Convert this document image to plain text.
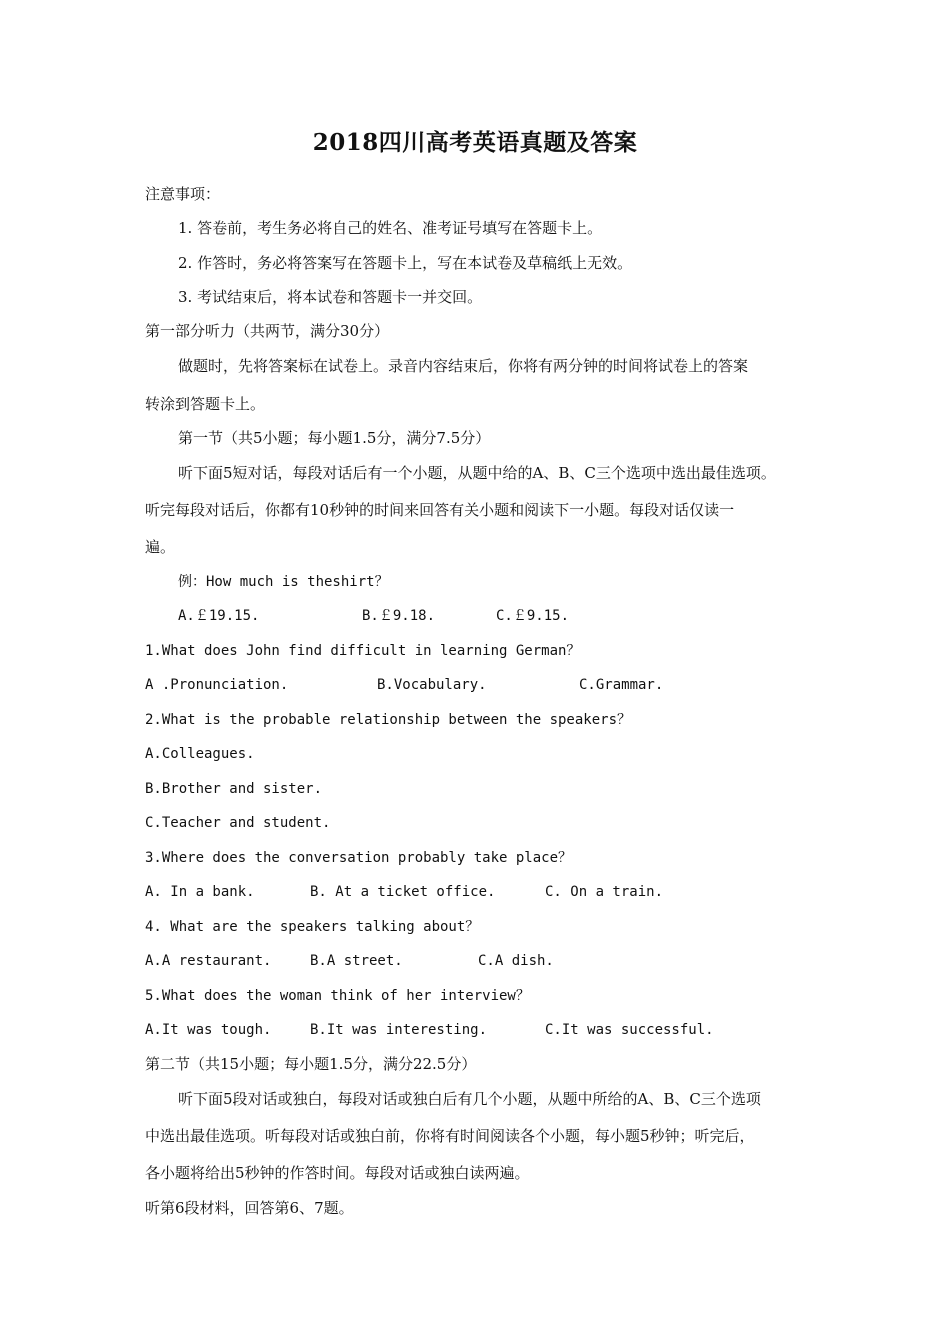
2018四川高考英语真题及答案
注意事项：
1. 答卷前，考生务必将自己的姓名、准考证号填写在答题卡上。
2. 作答时，务必将答案写在答题卡上，写在本试卷及草稿纸上无效。
3. 考试结束后，将本试卷和答题卡一并交回。
第一部分听力（共两节，满分30分）
做题时，先将答案标在试卷上。录音内容结束后，你将有两分钟的时间将试卷上的答案
转涂到答题卡上。
第一节（共5小题；每小题1.5分，满分7.5分）
听下面5短对话，每段对话后有一个小题，从题中给的A、B、C三个选项中选出最佳选项。
听完每段对话后，你都有10秒钟的时间来回答有关小题和阅读下一小题。每段对话仅读一
遍。
例：How much is theshirt？
A.￡19.15.	B.￡9.18.	C.￡9.15.
1.What does John find difficult in learning German？
A .Pronunciation.	B.Vocabulary.	C.Grammar.
2.What is the probable relationship between the speakers？
A.Colleagues.
B.Brother and sister.
C.Teacher and student.
3.Where does the conversation probably take place？
A. In a bank.	B. At a ticket office.	C. On a train.
4. What are the speakers talking about？
A.A restaurant.	B.A street.	C.A dish.
5.What does the woman think of her interview？
A.It was tough.	B.It was interesting.	C.It was successful.
第二节（共15小题；每小题1.5分，满分22.5分）
听下面5段对话或独白，每段对话或独白后有几个小题，从题中所给的A、B、C三个选项
中选出最佳选项。听每段对话或独白前，你将有时间阅读各个小题，每小题5秒钟；听完后，
各小题将给出5秒钟的作答时间。每段对话或独白读两遍。
听第6段材料，回答第6、7题。
